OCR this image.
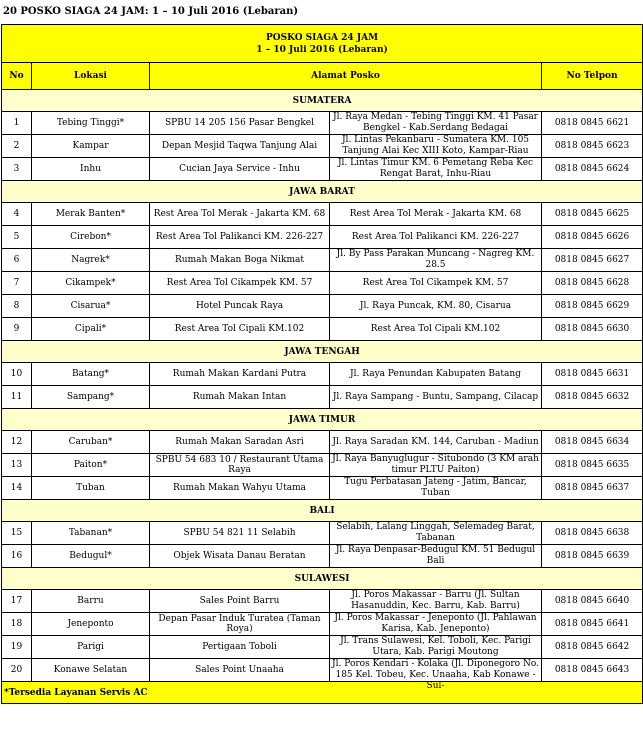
20 POSKO SIAGA 24 JAM: 1 – 10 Juli 2016 (Lebaran)
POSKO SIAGA 24 JAM
1 – 10 Juli 2016 (Lebaran)				

No	Lokasi	Alamat Posko		No Telpon
SUMATERA				
1	Tebing Tinggi*	SPBU 14 205 156 Pasar Bengkel	Jl. Raya Medan - Tebing Tinggi KM. 41 Pasar Bengkel - Kab.Serdang Bedagai	0818 0845 6621
2	Kampar	Depan Mesjid Taqwa Tanjung Alai	Jl. Lintas Pekanbaru - Sumatera KM. 105 Tanjung Alai Kec XIII Koto, Kampar-Riau	0818 0845 6623
3	Inhu	Cucian Jaya Service - Inhu	Jl. Lintas Timur KM. 6 Pemetang Reba Kec Rengat Barat, Inhu-Riau	0818 0845 6624
JAWA BARAT				
4	Merak Banten*	Rest Area Tol Merak - Jakarta KM. 68	Rest Area Tol Merak - Jakarta KM. 68	0818 0845 6625
5	Cirebon*	Rest Area Tol Palikanci KM. 226-227	Rest Area Tol Palikanci KM. 226-227	0818 0845 6626
6	Nagrek*	Rumah Makan Boga Nikmat	Jl. By Pass Parakan Muncang - Nagreg KM. 28.5	0818 0845 6627
7	Cikampek*	Rest Area Tol Cikampek KM. 57	Rest Area Tol Cikampek KM. 57	0818 0845 6628
8	Cisarua*	Hotel Puncak Raya	Jl. Raya Puncak, KM. 80, Cisarua	0818 0845 6629
9	Cipali*	Rest Area Tol Cipali KM.102	Rest Area Tol Cipali KM.102	0818 0845 6630
JAWA TENGAH				
10	Batang*	Rumah Makan Kardani Putra	Jl. Raya Penundan Kabupaten Batang	0818 0845 6631
11	Sampang*	Rumah Makan Intan	Jl. Raya Sampang - Buntu, Sampang, Cilacap	0818 0845 6632
JAWA TIMUR				
12	Caruban*	Rumah Makan Saradan Asri	Jl. Raya Saradan KM. 144, Caruban - Madiun	0818 0845 6634
13	Paiton*	SPBU 54 683 10 / Restaurant Utama Raya	Jl. Raya Banyuglugur - Situbondo (3 KM arah timur PLTU Paiton)	0818 0845 6635
14	Tuban	Rumah Makan Wahyu Utama	Tugu Perbatasan Jateng - Jatim, Bancar, Tuban	0818 0845 6637
BALI				
15	Tabanan*	SPBU 54 821 11 Selabih	Selabih, Lalang Linggah, Selemadeg Barat, Tabanan	0818 0845 6638
16	Bedugul*	Objek Wisata Danau Beratan	Jl. Raya Denpasar-Bedugul KM. 51 Bedugul Bali	0818 0845 6639
SULAWESI				
17	Barru	Sales Point Barru	Jl. Poros Makassar - Barru (Jl. Sultan Hasanuddin, Kec. Barru, Kab. Barru)	0818 0845 6640
18	Jeneponto	Depan Pasar Induk Turatea (Taman Roya)	Jl. Poros Makassar - Jeneponto (Jl. Pahlawan Karisa, Kab. Jeneponto)	0818 0845 6641
19	Parigi	Pertigaan Toboli	Jl. Trans Sulawesi, Kel. Toboli, Kec. Parigi Utara, Kab. Parigi Moutong	0818 0845 6642
20	Konawe Selatan	Sales Point Unaaha	Jl. Poros Kendari - Kolaka (Jl. Diponegoro No. 185 Kel. Tobeu, Kec. Unaaha, Kab Konawe - Sul-	0818 0845 6643
*Tersedia Layanan Servis AC				
